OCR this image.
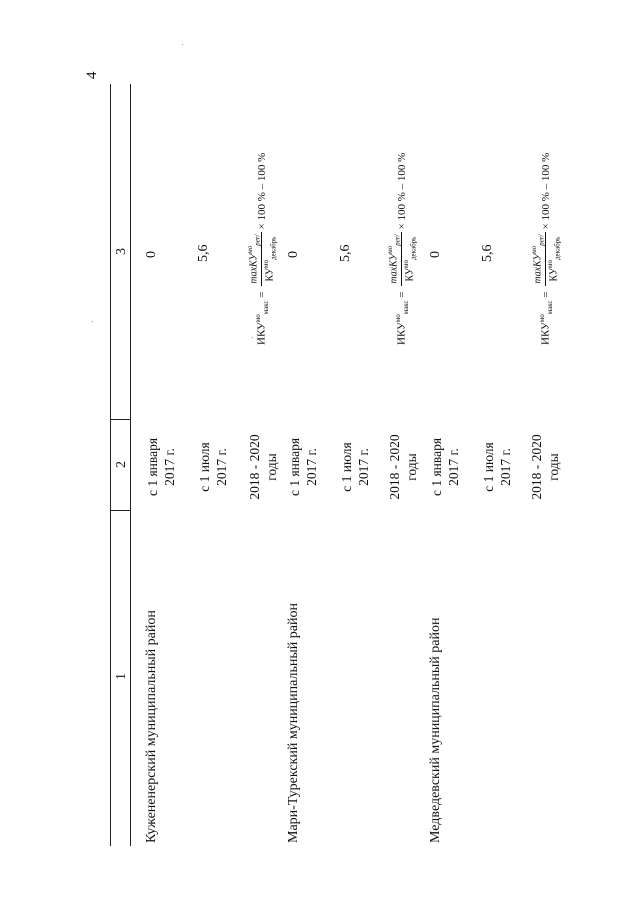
4
1
2
3
Кужененерский муниципальный район
с 1 января 2017 г.
0
с 1 июля 2017 г.
5,6
2018 - 2020 годы
$ИКУ^{мо}_{макс}$
=
maxКУ$^{мо}_{per/}$
$КУ^{мо}_{декабрь}$
× 100 % – 100 %
Мари-Турекский муниципальный район
с 1 января 2017 г.
0
с 1 июля 2017 г.
5,6
2018 - 2020 годы
$ИКУ^{мо}_{макс}$
=
maxКУ$^{мо}_{per/}$
$КУ^{мо}_{декабрь}$
× 100 % – 100 %
Медведевский муниципальный район
с 1 января 2017 г.
0
с 1 июля 2017 г.
5,6
2018 - 2020 годы
$ИКУ^{мо}_{макс}$
=
maxКУ$^{мо}_{per/}$
$КУ^{мо}_{декабрь}$
× 100 % – 100 %
